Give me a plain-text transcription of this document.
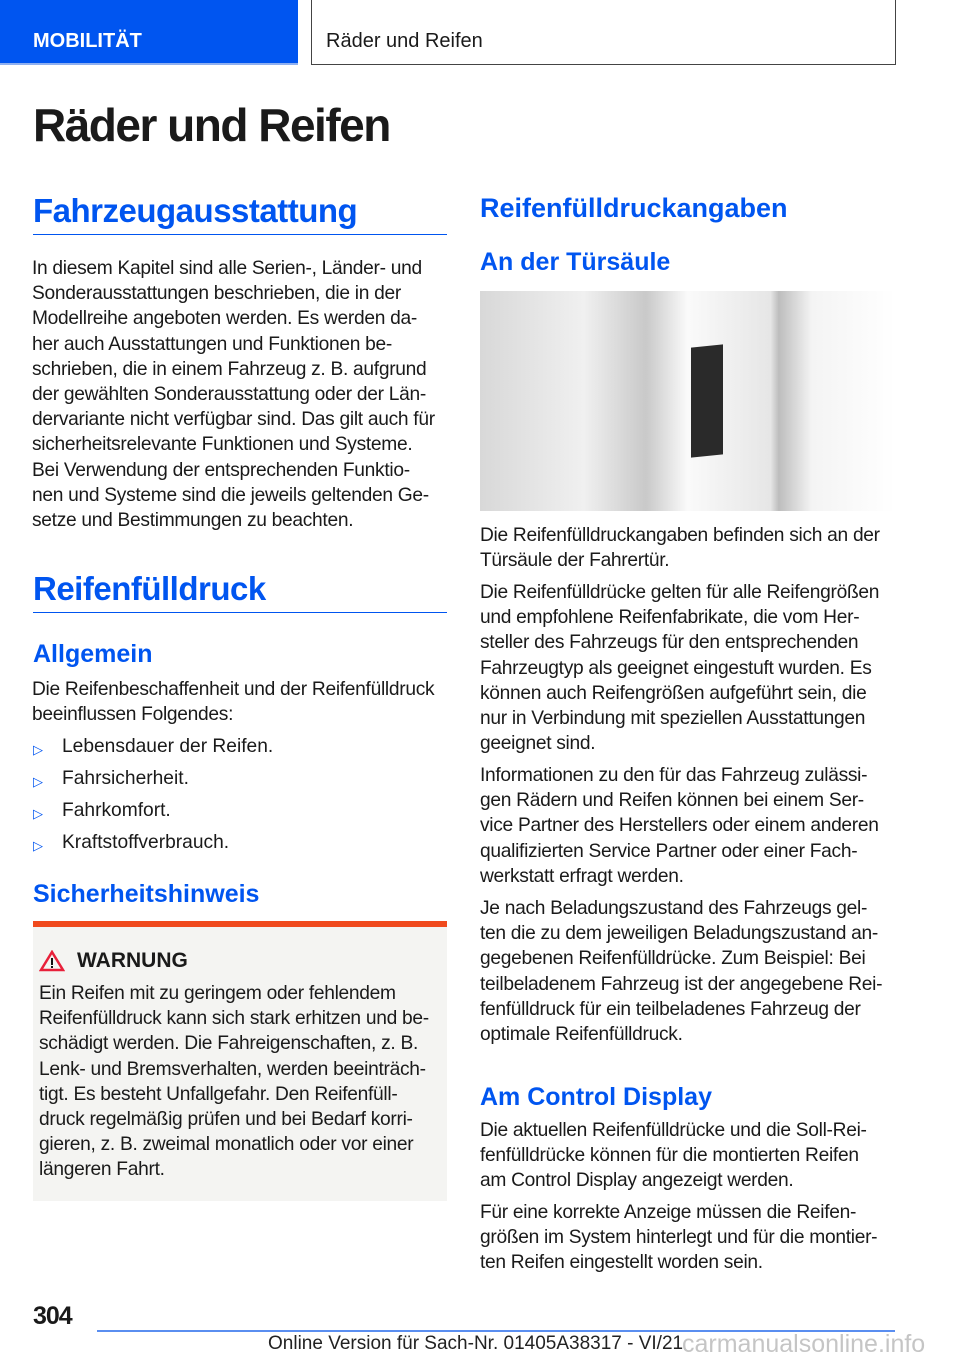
MOBILITÄT	Räder und Reifen
Räder und Reifen
Fahrzeugausstattung
In diesem Kapitel sind alle Serien-, Länder- und
Sonderausstattungen beschrieben, die in der
Modellreihe angeboten werden. Es werden da-
her auch Ausstattungen und Funktionen be-
schrieben, die in einem Fahrzeug z. B. aufgrund
der gewählten Sonderausstattung oder der Län-
dervariante nicht verfügbar sind. Das gilt auch für
sicherheitsrelevante Funktionen und Systeme.
Bei Verwendung der entsprechenden Funktio-
nen und Systeme sind die jeweils geltenden Ge-
setze und Bestimmungen zu beachten.
Reifenfülldruck
Allgemein
Die Reifenbeschaffenheit und der Reifenfülldruck
beeinflussen Folgendes:
▷ Lebensdauer der Reifen.
▷ Fahrsicherheit.
▷ Fahrkomfort.
▷ Kraftstoffverbrauch.
Sicherheitshinweis
WARNUNG
Ein Reifen mit zu geringem oder fehlendem
Reifenfülldruck kann sich stark erhitzen und be-
schädigt werden. Die Fahreigenschaften, z. B.
Lenk- und Bremsverhalten, werden beeinträch-
tigt. Es besteht Unfallgefahr. Den Reifenfüll-
druck regelmäßig prüfen und bei Bedarf korri-
gieren, z. B. zweimal monatlich oder vor einer
längeren Fahrt.
Reifenfülldruckangaben
An der Türsäule
Die Reifenfülldruckangaben befinden sich an der
Türsäule der Fahrertür.
Die Reifenfülldrücke gelten für alle Reifengrößen
und empfohlene Reifenfabrikate, die vom Her-
steller des Fahrzeugs für den entsprechenden
Fahrzeugtyp als geeignet eingestuft wurden. Es
können auch Reifengrößen aufgeführt sein, die
nur in Verbindung mit speziellen Ausstattungen
geeignet sind.
Informationen zu den für das Fahrzeug zulässi-
gen Rädern und Reifen können bei einem Ser-
vice Partner des Herstellers oder einem anderen
qualifizierten Service Partner oder einer Fach-
werkstatt erfragt werden.
Je nach Beladungszustand des Fahrzeugs gel-
ten die zu dem jeweiligen Beladungszustand an-
gegebenen Reifenfülldrücke. Zum Beispiel: Bei
teilbeladenem Fahrzeug ist der angegebene Rei-
fenfülldruck für ein teilbeladenes Fahrzeug der
optimale Reifenfülldruck.
Am Control Display
Die aktuellen Reifenfülldrücke und die Soll-Rei-
fenfülldrücke können für die montierten Reifen
am Control Display angezeigt werden.
Für eine korrekte Anzeige müssen die Reifen-
größen im System hinterlegt und für die montier-
ten Reifen eingestellt worden sein.
304
Online Version für Sach-Nr. 01405A38317 - VI/21
carmanualsonline.info
